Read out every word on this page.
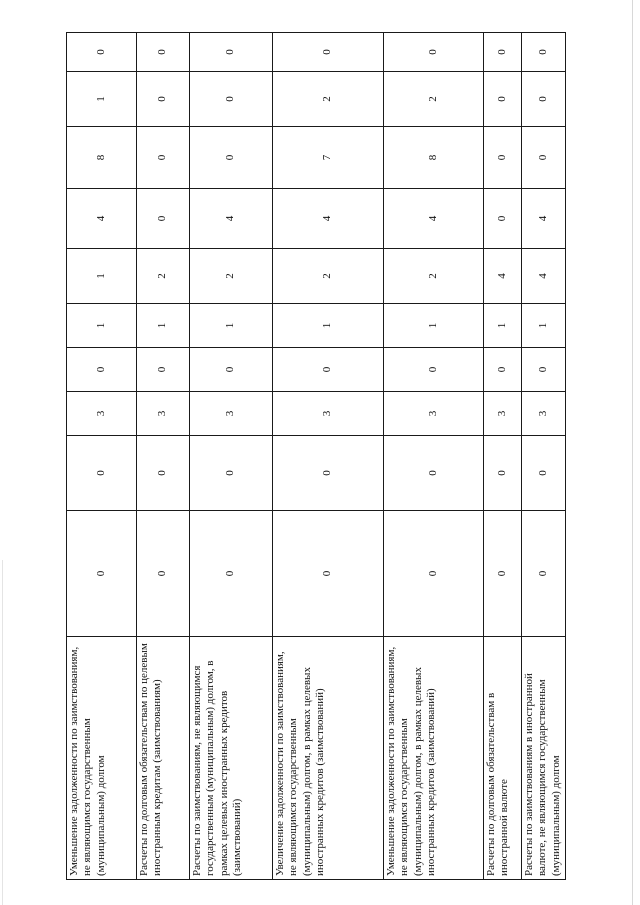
Уменьшение задолженности по заимствованиям, не являющимся государственным (муниципальным) долгом	0	0	3	0	1	1	4	8	1	0
Расчеты по долговым обязательствам по целевым иностранным кредитам (заимствованиям)	0	0	3	0	1	2	0	0	0	0
Расчеты по заимствованиям, не являющимся государственным (муниципальным) долгом, в рамках целевых иностранных кредитов (заимствований)	0	0	3	0	1	2	4	0	0	0
Увеличение задолженности по заимствованиям, не являющимся государственным (муниципальным) долгом, в рамках целевых иностранных кредитов (заимствований)	0	0	3	0	1	2	4	7	2	0
Уменьшение задолженности по заимствованиям, не являющимся государственным (муниципальным) долгом, в рамках целевых иностранных кредитов (заимствований)	0	0	3	0	1	2	4	8	2	0
Расчеты по долговым обязательствам в иностранной валюте	0	0	3	0	1	4	0	0	0	0
Расчеты по заимствованиям в иностранной валюте, не являющимся государственным (муниципальным) долгом	0	0	3	0	1	4	4	0	0	0
